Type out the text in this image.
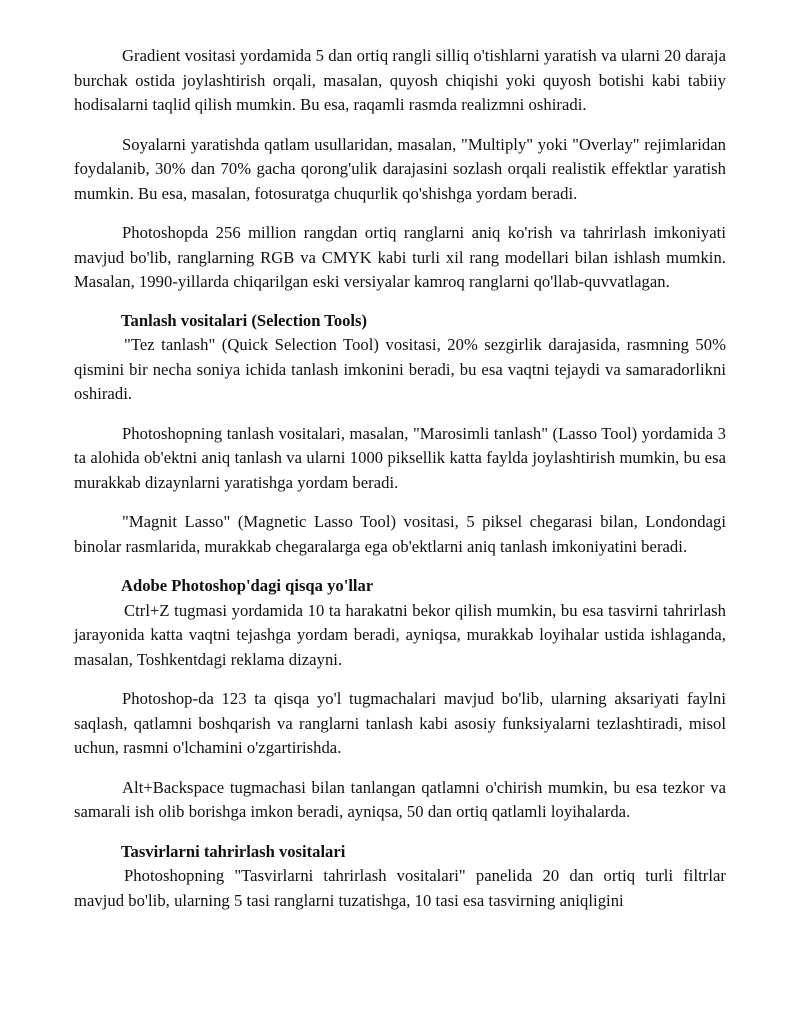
Gradient vositasi yordamida 5 dan ortiq rangli silliq o'tishlarni yaratish va ularni 20 daraja burchak ostida joylashtirish orqali, masalan, quyosh chiqishi yoki quyosh botishi kabi tabiiy hodisalarni taqlid qilish mumkin. Bu esa, raqamli rasmda realizmni oshiradi.

Soyalarni yaratishda qatlam usullaridan, masalan, "Multiply" yoki "Overlay" rejimlaridan foydalanib, 30% dan 70% gacha qorong'ulik darajasini sozlash orqali realistik effektlar yaratish mumkin. Bu esa, masalan, fotosuratga chuqurlik qo'shishga yordam beradi.

Photoshopda 256 million rangdan ortiq ranglarni aniq ko'rish va tahrirlash imkoniyati mavjud bo'lib, ranglarning RGB va CMYK kabi turli xil rang modellari bilan ishlash mumkin. Masalan, 1990-yillarda chiqarilgan eski versiyalar kamroq ranglarni qo'llab-quvvatlagan.

Tanlash vositalari (Selection Tools)

"Tez tanlash" (Quick Selection Tool) vositasi, 20% sezgirlik darajasida, rasmning 50% qismini bir necha soniya ichida tanlash imkonini beradi, bu esa vaqtni tejaydi va samaradorlikni oshiradi.

Photoshopning tanlash vositalari, masalan, "Marosimli tanlash" (Lasso Tool) yordamida 3 ta alohida ob'ektni aniq tanlash va ularni 1000 piksellik katta faylda joylashtirish mumkin, bu esa murakkab dizaynlarni yaratishga yordam beradi.

"Magnit Lasso" (Magnetic Lasso Tool) vositasi, 5 piksel chegarasi bilan, Londondagi binolar rasmlarida, murakkab chegaralarga ega ob'ektlarni aniq tanlash imkoniyatini beradi.

Adobe Photoshop'dagi qisqa yo'llar

Ctrl+Z tugmasi yordamida 10 ta harakatni bekor qilish mumkin, bu esa tasvirni tahrirlash jarayonida katta vaqtni tejashga yordam beradi, ayniqsa, murakkab loyihalar ustida ishlaganda, masalan, Toshkentdagi reklama dizayni.

Photoshop-da 123 ta qisqa yo'l tugmachalari mavjud bo'lib, ularning aksariyati faylni saqlash, qatlamni boshqarish va ranglarni tanlash kabi asosiy funksiyalarni tezlashtiradi, misol uchun, rasmni o'lchamini o'zgartirishda.

Alt+Backspace tugmachasi bilan tanlangan qatlamni o'chirish mumkin, bu esa tezkor va samarali ish olib borishga imkon beradi, ayniqsa, 50 dan ortiq qatlamli loyihalarda.

Tasvirlarni tahrirlash vositalari

Photoshopning "Tasvirlarni tahrirlash vositalari" panelida 20 dan ortiq turli filtrlar mavjud bo'lib, ularning 5 tasi ranglarni tuzatishga, 10 tasi esa tasvirning aniqligini
